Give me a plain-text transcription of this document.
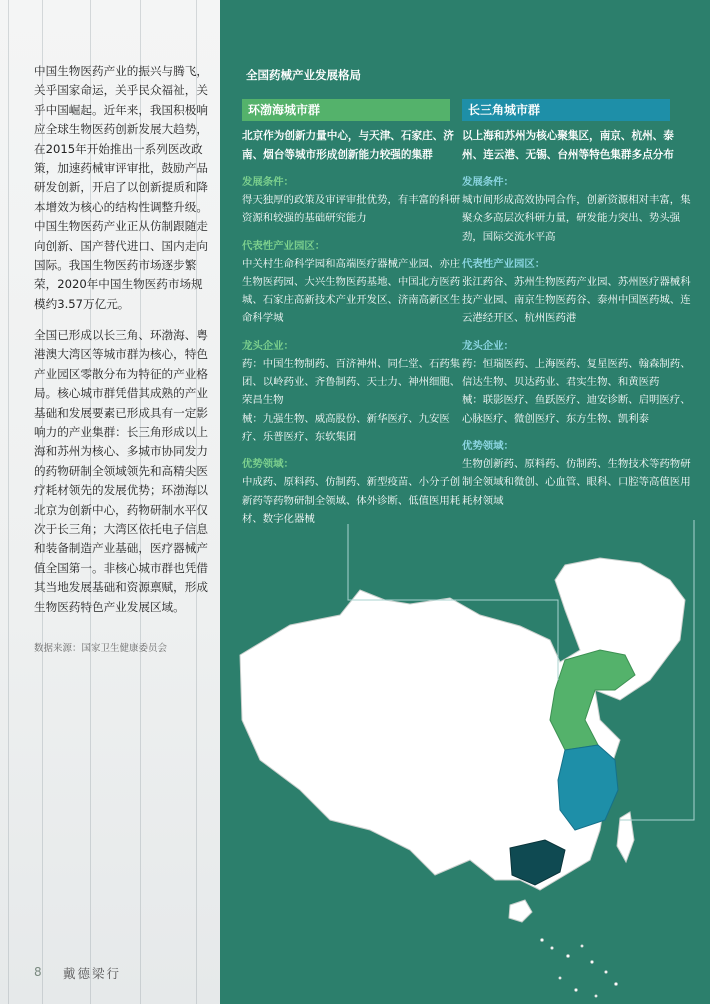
中国生物医药产业的振兴与腾飞，关乎国家命运，关乎民众福祉，关乎中国崛起。近年来，我国积极响应全球生物医药创新发展大趋势，在2015年开始推出一系列医改政策，加速药械审评审批，鼓励产品研发创新，开启了以创新提质和降本增效为核心的结构性调整升级。中国生物医药产业正从仿制跟随走向创新、国产替代进口、国内走向国际。我国生物医药市场逐步繁荣，2020年中国生物医药市场规模约3.57万亿元。
全国已形成以长三角、环渤海、粤港澳大湾区等城市群为核心，特色产业园区零散分布为特征的产业格局。核心城市群凭借其成熟的产业基础和发展要素已形成具有一定影响力的产业集群：长三角形成以上海和苏州为核心、多城市协同发力的药物研制全领域领先和高精尖医疗耗材领先的发展优势；环渤海以北京为创新中心，药物研制水平仅次于长三角；大湾区依托电子信息和装备制造产业基础，医疗器械产值全国第一。非核心城市群也凭借其当地发展基础和资源禀赋，形成生物医药特色产业发展区域。
数据来源：国家卫生健康委员会
8 戴德梁行
全国药械产业发展格局
环渤海城市群
北京作为创新力量中心，与天津、石家庄、济南、烟台等城市形成创新能力较强的集群
发展条件：
得天独厚的政策及审评审批优势，有丰富的科研资源和较强的基础研究能力
代表性产业园区：
中关村生命科学园和高端医疗器械产业园、亦庄生物医药园、大兴生物医药基地、中国北方医药城、石家庄高新技术产业开发区、济南高新区生命科学城
龙头企业：
药：中国生物制药、百济神州、同仁堂、石药集团、以岭药业、齐鲁制药、天士力、神州细胞、荣昌生物
械：九强生物、威高股份、新华医疗、九安医疗、乐普医疗、东软集团
优势领域：
中成药、原料药、仿制药、新型疫苗、小分子创新药等药物研制全领域、体外诊断、低值医用耗材、数字化器械
长三角城市群
以上海和苏州为核心聚集区，南京、杭州、泰州、连云港、无锡、台州等特色集群多点分布
发展条件：
城市间形成高效协同合作，创新资源相对丰富，集聚众多高层次科研力量，研发能力突出、势头强劲，国际交流水平高
代表性产业园区：
张江药谷、苏州生物医药产业园、苏州医疗器械科技产业园、南京生物医药谷、泰州中国医药城、连云港经开区、杭州医药港
龙头企业：
药：恒瑞医药、上海医药、复星医药、翰森制药、信达生物、贝达药业、君实生物、和黄医药
械：联影医疗、鱼跃医疗、迪安诊断、启明医疗、心脉医疗、微创医疗、东方生物、凯利泰
优势领域：
生物创新药、原料药、仿制药、生物技术等药物研制全领域和微创、心血管、眼科、口腔等高值医用耗材领域
